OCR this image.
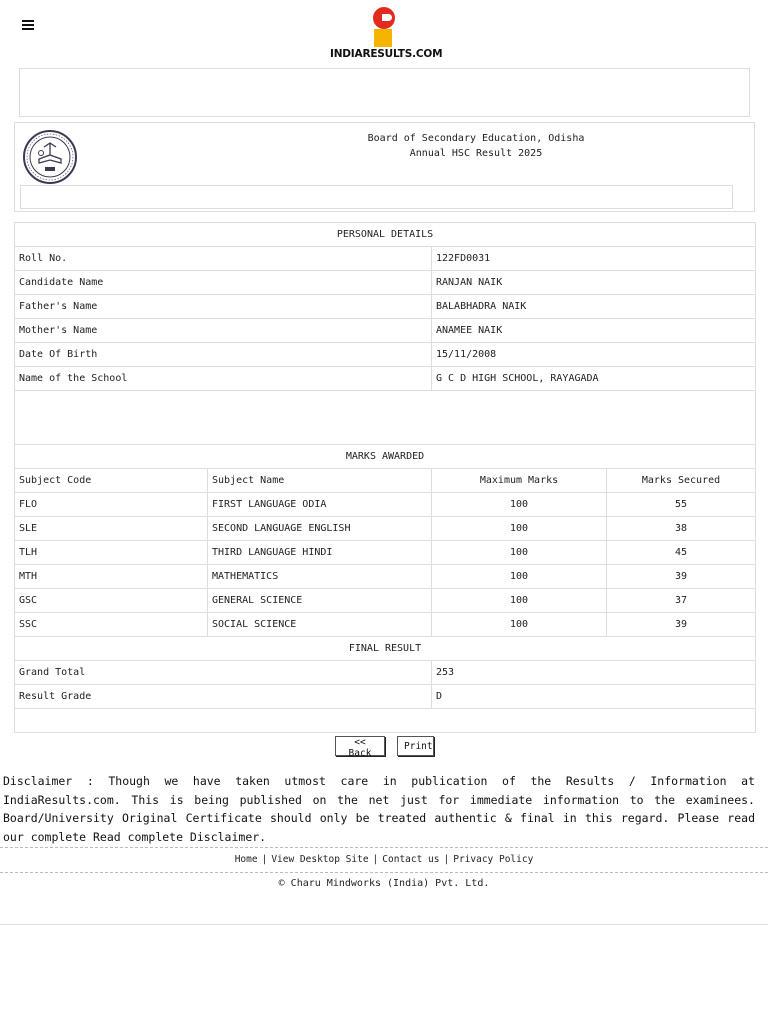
INDIARESULTS.COM
Board of Secondary Education, Odisha
Annual HSC Result 2025
PERSONAL DETAILS			
Roll No.		122FD0031	
Candidate Name		RANJAN NAIK	
Father's Name		BALABHADRA NAIK	
Mother's Name		ANAMEE NAIK	
Date Of Birth		15/11/2008	
Name of the School		G C D HIGH SCHOOL, RAYAGADA	

MARKS AWARDED			
Subject Code	Subject Name	Maximum Marks	Marks Secured
FLO	FIRST LANGUAGE ODIA	100	55
SLE	SECOND LANGUAGE ENGLISH	100	38
TLH	THIRD LANGUAGE HINDI	100	45
MTH	MATHEMATICS	100	39
GSC	GENERAL SCIENCE	100	37
SSC	SOCIAL SCIENCE	100	39
FINAL RESULT			
Grand Total		253	
Result Grade		D	

<< Back
Print
Disclaimer : Though we have taken utmost care in publication of the Results / Information at IndiaResults.com. This is being published on the net just for immediate information to the examinees. Board/University Original Certificate should only be treated authentic & final in this regard. Please read our complete Read complete Disclaimer.
Home | View Desktop Site | Contact us | Privacy Policy
© Charu Mindworks (India) Pvt. Ltd.
